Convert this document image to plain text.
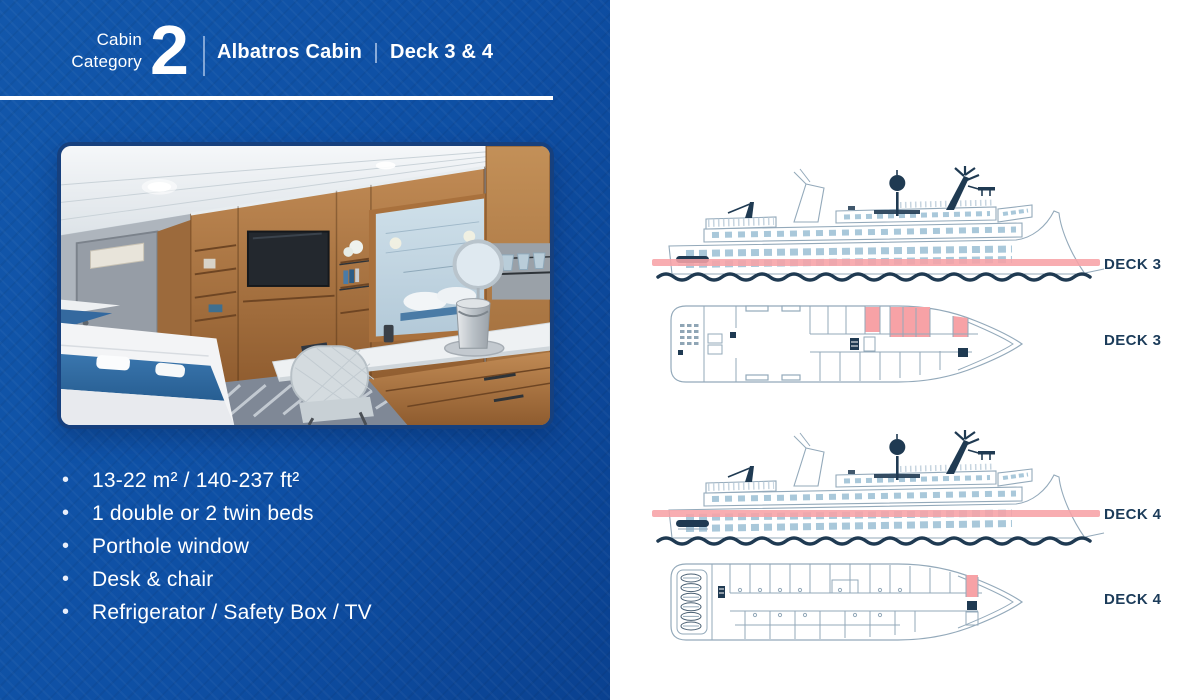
Cabin
Category 2 Albatros Cabin Deck 3 & 4
•	13-22 m² / 140-237 ft²
•	1 double or 2 twin beds
•	Porthole window
•	Desk & chair
•	Refrigerator / Safety Box / TV
DECK 3
DECK 3
DECK 4
DECK 4
